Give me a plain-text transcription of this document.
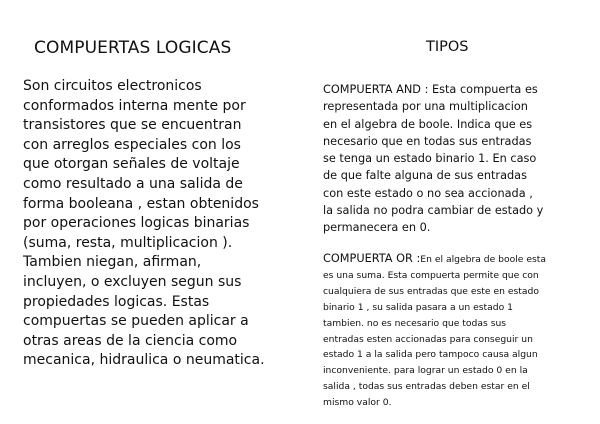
COMPUERTAS LOGICAS
Son circuitos electronicos
conformados interna mente por
transistores que se encuentran
con arreglos especiales con los
que otorgan señales de voltaje
como resultado a una salida de
forma booleana , estan obtenidos
por operaciones logicas binarias
(suma, resta, multiplicacion ).
Tambien niegan, afirman,
incluyen, o excluyen segun sus
propiedades logicas. Estas
compuertas se pueden aplicar a
otras areas de la ciencia como
mecanica, hidraulica o neumatica.
TIPOS
COMPUERTA AND : Esta compuerta es
representada por una multiplicacion
en el algebra de boole. Indica que es
necesario que en todas sus entradas
se tenga un estado binario 1. En caso
de que falte alguna de sus entradas
con este estado o no sea accionada ,
la salida no podra cambiar de estado y
permanecera en 0.
COMPUERTA OR :En el algebra de boole esta
es una suma. Esta compuerta permite que con
cualquiera de sus entradas que este en estado
binario 1 , su salida pasara a un estado 1
tambien. no es necesario que todas sus
entradas esten accionadas para conseguir un
estado 1 a la salida pero tampoco causa algun
inconveniente. para lograr un estado 0 en la
salida , todas sus entradas deben estar en el
mismo valor 0.
